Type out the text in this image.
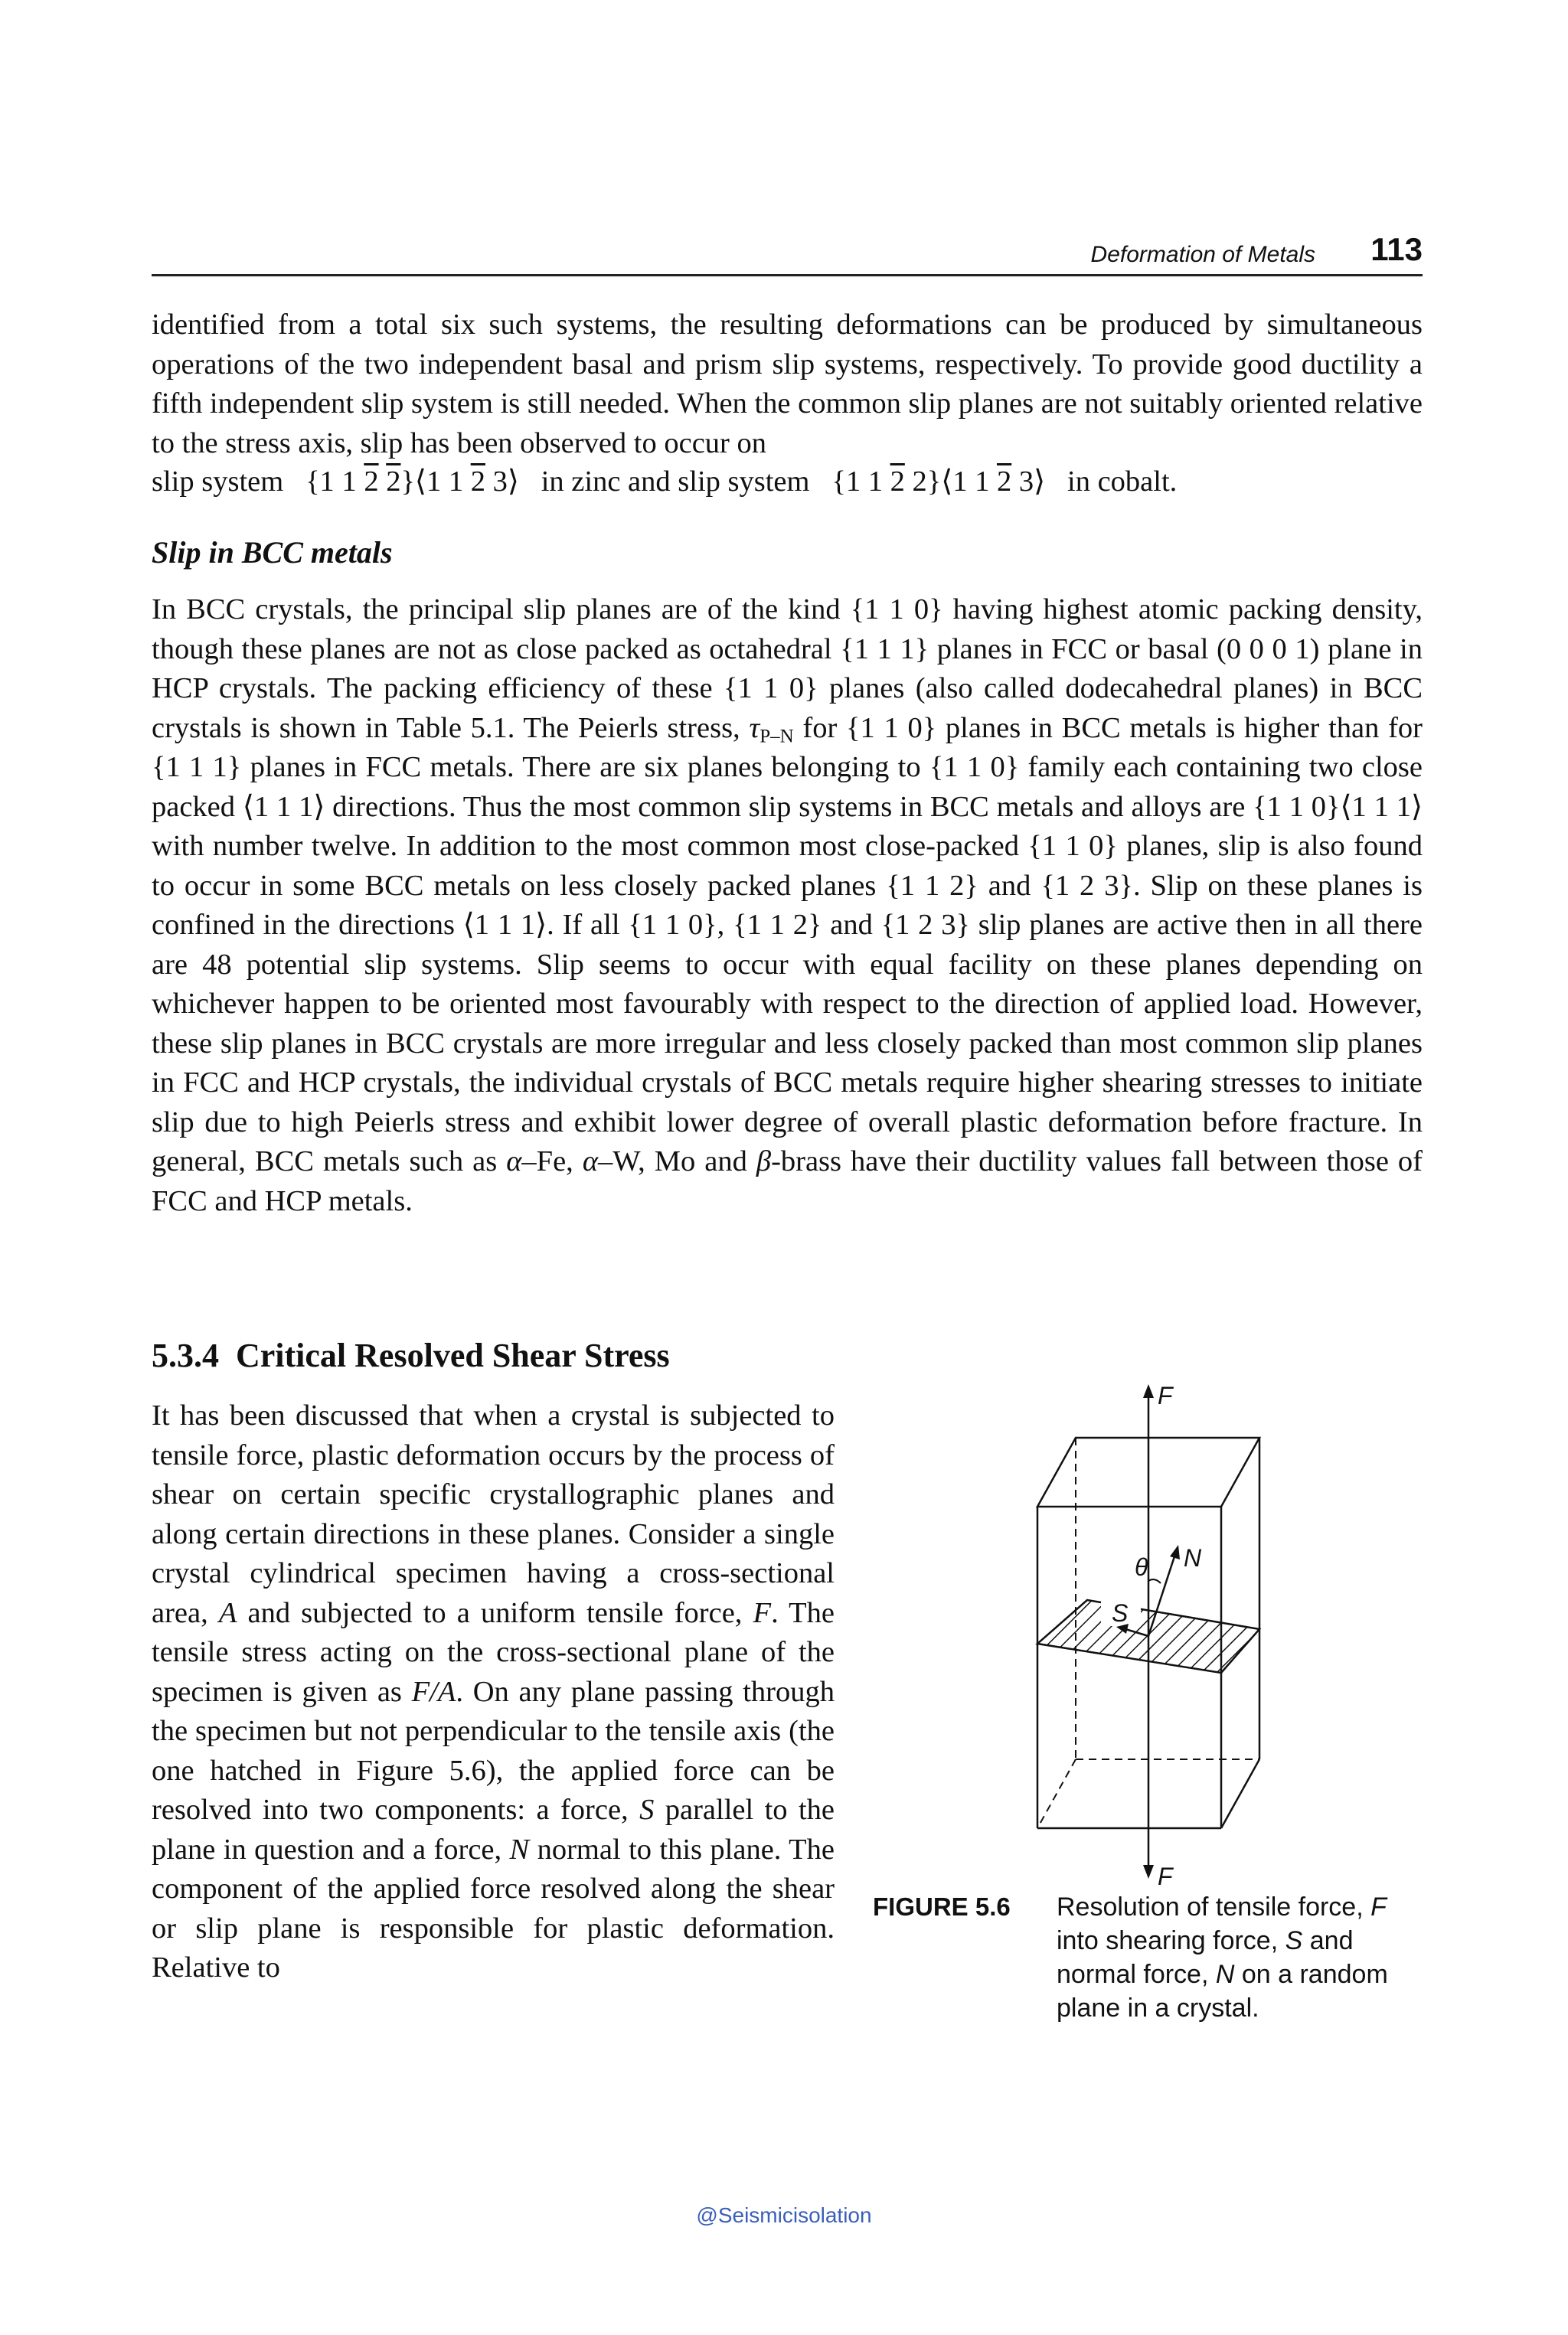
Deformation of Metals 113

identified from a total six such systems, the resulting deformations can be produced by simultaneous operations of the two independent basal and prism slip systems, respectively. To provide good ductility a fifth independent slip system is still needed. When the common slip planes are not suitably oriented relative to the stress axis, slip has been observed to occur on

slip system {1 1 2 2}⟨1 1 2 3⟩ in zinc and slip system {1 1 2 2}⟨1 1 2 3⟩ in cobalt.
Slip in BCC metals

In BCC crystals, the principal slip planes are of the kind {1 1 0} having highest atomic packing density, though these planes are not as close packed as octahedral {1 1 1} planes in FCC or basal (0 0 0 1) plane in HCP crystals. The packing efficiency of these {1 1 0} planes (also called dodecahedral planes) in BCC crystals is shown in Table 5.1. The Peierls stress, $\tau_{P-N}$ for {1 1 0} planes in BCC metals is higher than for {1 1 1} planes in FCC metals. There are six planes belonging to {1 1 0} family each containing two close packed ⟨1 1 1⟩ directions. Thus the most common slip systems in BCC metals and alloys are {1 1 0}⟨1 1 1⟩ with number twelve. In addition to the most common most close-packed {1 1 0} planes, slip is also found to occur in some BCC metals on less closely packed planes {1 1 2} and {1 2 3}. Slip on these planes is confined in the directions ⟨1 1 1⟩. If all {1 1 0}, {1 1 2} and {1 2 3} slip planes are active then in all there are 48 potential slip systems. Slip seems to occur with equal facility on these planes depending on whichever happen to be oriented most favourably with respect to the direction of applied load. However, these slip planes in BCC crystals are more irregular and less closely packed than most common slip planes in FCC and HCP crystals, the individual crystals of BCC metals require higher shearing stresses to initiate slip due to high Peierls stress and exhibit lower degree of overall plastic deformation before fracture. In general, BCC metals such as α–Fe, α–W, Mo and β-brass have their ductility values fall between those of FCC and HCP metals.

5.3.4 Critical Resolved Shear Stress

It has been discussed that when a crystal is subjected to tensile force, plastic deformation occurs by the process of shear on certain specific crystallographic planes and along certain directions in these planes. Consider a single crystal cylindrical specimen having a cross-sectional area, A and subjected to a uniform tensile force, F. The tensile stress acting on the cross-sectional plane of the specimen is given as F/A. On any plane passing through the specimen but not perpendicular to the tensile axis (the one hatched in Figure 5.6), the applied force can be resolved into two components: a force, S parallel to the plane in question and a force, N normal to this plane. The component of the applied force resolved along the shear or slip plane is responsible for plastic deformation. Relative to

F
F
θ N
S
FIGURE 5.6 Resolution of tensile force, F into shearing force, S and normal force, N on a random plane in a crystal.
@Seismicisolation
